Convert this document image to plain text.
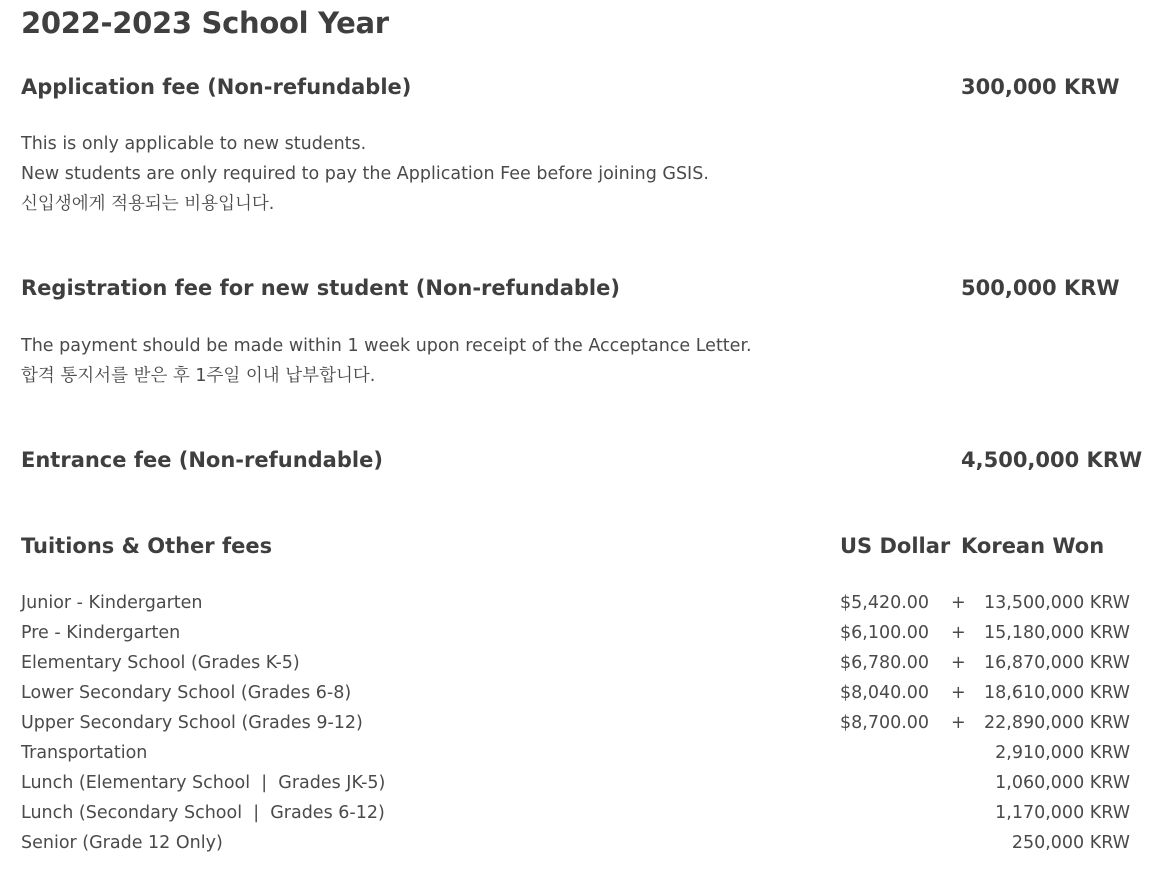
2022-2023 School Year
Application fee (Non-refundable)	300,000 KRW
This is only applicable to new students.
New students are only required to pay the Application Fee before joining GSIS.
신입생에게 적용되는 비용입니다.
Registration fee for new student (Non-refundable)	500,000 KRW
The payment should be made within 1 week upon receipt of the Acceptance Letter.
합격 통지서를 받은 후 1주일 이내 납부합니다.
Entrance fee (Non-refundable)	4,500,000 KRW
Tuitions & Other fees	US Dollar Korean Won
Junior - Kindergarten	$5,420.00 + 13,500,000 KRW
Pre - Kindergarten	$6,100.00 + 15,180,000 KRW
Elementary School (Grades K-5)	$6,780.00 + 16,870,000 KRW
Lower Secondary School (Grades 6-8)	$8,040.00 + 18,610,000 KRW
Upper Secondary School (Grades 9-12)	$8,700.00 + 22,890,000 KRW
Transportation	2,910,000 KRW
Lunch (Elementary School  |  Grades JK-5)	1,060,000 KRW
Lunch (Secondary School  |  Grades 6-12)	1,170,000 KRW
Senior (Grade 12 Only)	250,000 KRW
